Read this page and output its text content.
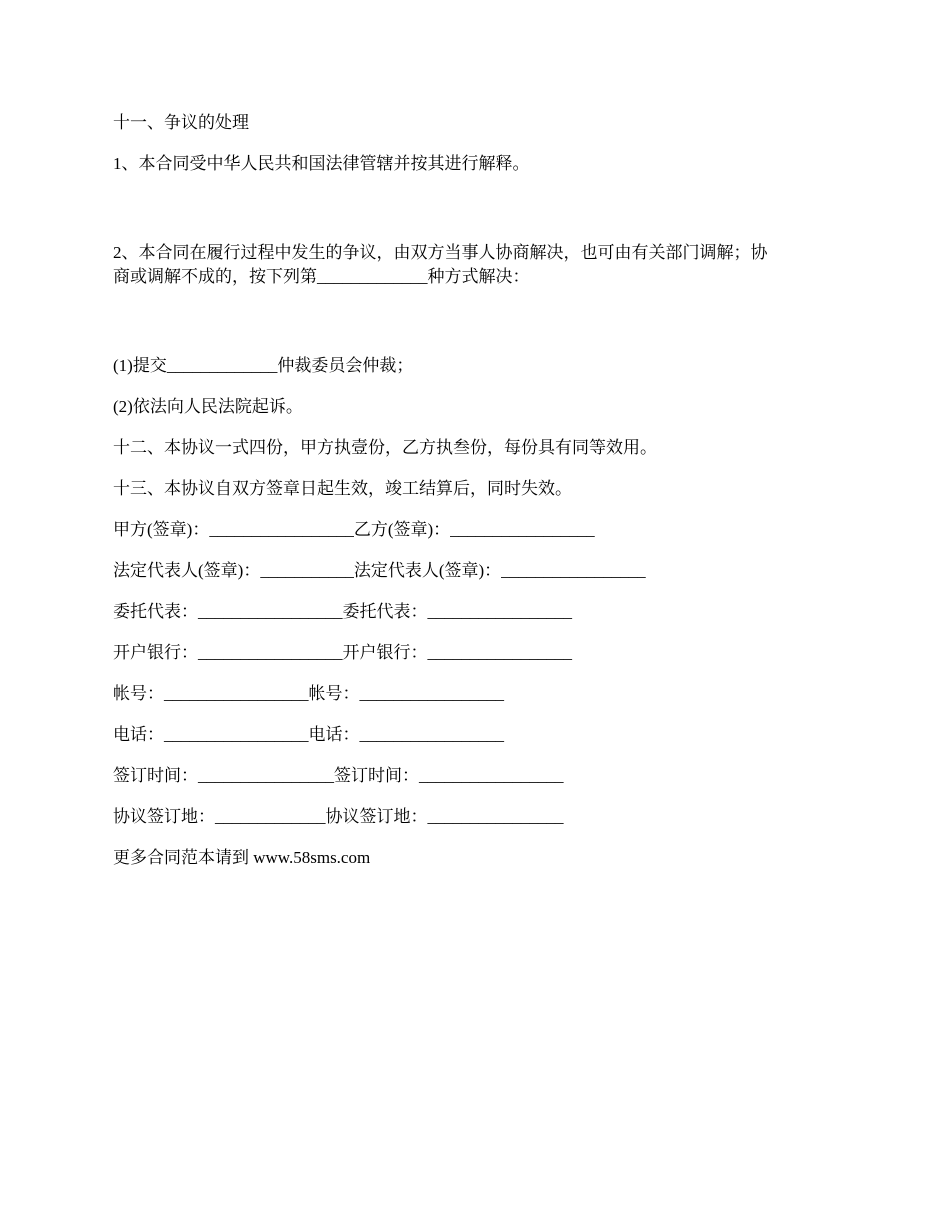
十一、争议的处理

1、本合同受中华人民共和国法律管辖并按其进行解释。

2、本合同在履行过程中发生的争议，由双方当事人协商解决，也可由有关部门调解；协
商或调解不成的，按下列第_____________种方式解决：

(1)提交_____________仲裁委员会仲裁；

(2)依法向人民法院起诉。

十二、本协议一式四份，甲方执壹份，乙方执叁份，每份具有同等效用。

十三、本协议自双方签章日起生效，竣工结算后，同时失效。

甲方(签章)：_________________乙方(签章)：_________________

法定代表人(签章)：___________法定代表人(签章)：_________________

委托代表：_________________委托代表：_________________

开户银行：_________________开户银行：_________________

帐号：_________________帐号：_________________

电话：_________________电话：_________________

签订时间：________________签订时间：_________________

协议签订地：_____________协议签订地：________________

更多合同范本请到 www.58sms.com
